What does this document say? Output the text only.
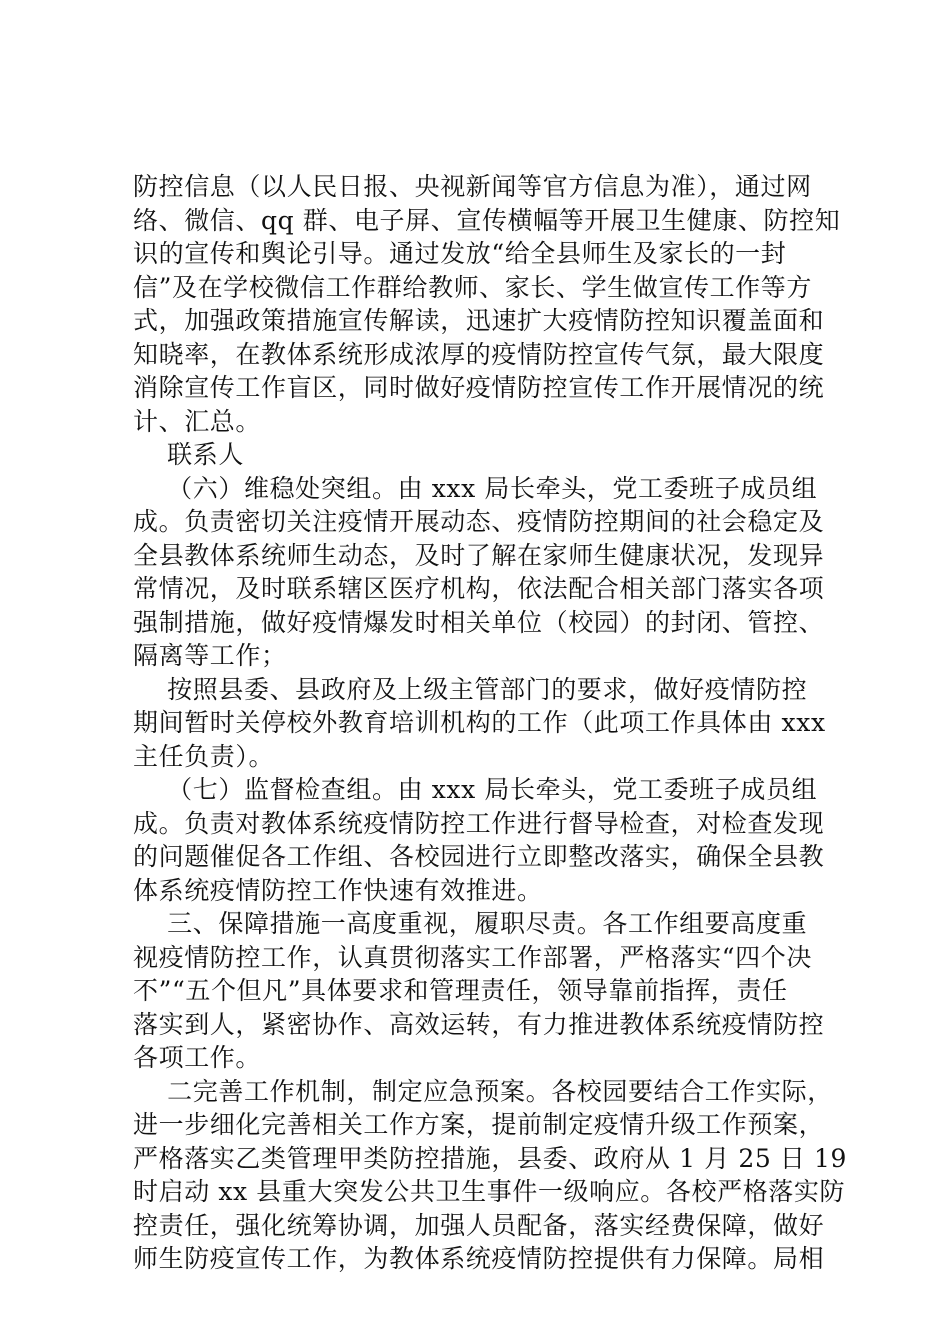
防控信息（以人民日报、央视新闻等官方信息为准），通过网
络、微信、qq 群、电子屏、宣传横幅等开展卫生健康、防控知
识的宣传和舆论引导。通过发放“给全县师生及家长的一封
信”及在学校微信工作群给教师、家长、学生做宣传工作等方
式，加强政策措施宣传解读，迅速扩大疫情防控知识覆盖面和
知晓率，在教体系统形成浓厚的疫情防控宣传气氛，最大限度
消除宣传工作盲区，同时做好疫情防控宣传工作开展情况的统
计、汇总。
联系人
（六）维稳处突组。由 xxx 局长牵头，党工委班子成员组
成。负责密切关注疫情开展动态、疫情防控期间的社会稳定及
全县教体系统师生动态，及时了解在家师生健康状况，发现异
常情况，及时联系辖区医疗机构，依法配合相关部门落实各项
强制措施，做好疫情爆发时相关单位（校园）的封闭、管控、
隔离等工作；
按照县委、县政府及上级主管部门的要求，做好疫情防控
期间暂时关停校外教育培训机构的工作（此项工作具体由 xxx
主任负责）。
（七）监督检查组。由 xxx 局长牵头，党工委班子成员组
成。负责对教体系统疫情防控工作进行督导检查，对检查发现
的问题催促各工作组、各校园进行立即整改落实，确保全县教
体系统疫情防控工作快速有效推进。
三、保障措施一高度重视，履职尽责。各工作组要高度重
视疫情防控工作，认真贯彻落实工作部署，严格落实“四个决
不”“五个但凡”具体要求和管理责任，领导靠前指挥，责任
落实到人，紧密协作、高效运转，有力推进教体系统疫情防控
各项工作。
二完善工作机制，制定应急预案。各校园要结合工作实际，
进一步细化完善相关工作方案，提前制定疫情升级工作预案，
严格落实乙类管理甲类防控措施，县委、政府从 1 月 25 日 19
时启动 xx 县重大突发公共卫生事件一级响应。各校严格落实防
控责任，强化统筹协调，加强人员配备，落实经费保障，做好
师生防疫宣传工作，为教体系统疫情防控提供有力保障。局相
